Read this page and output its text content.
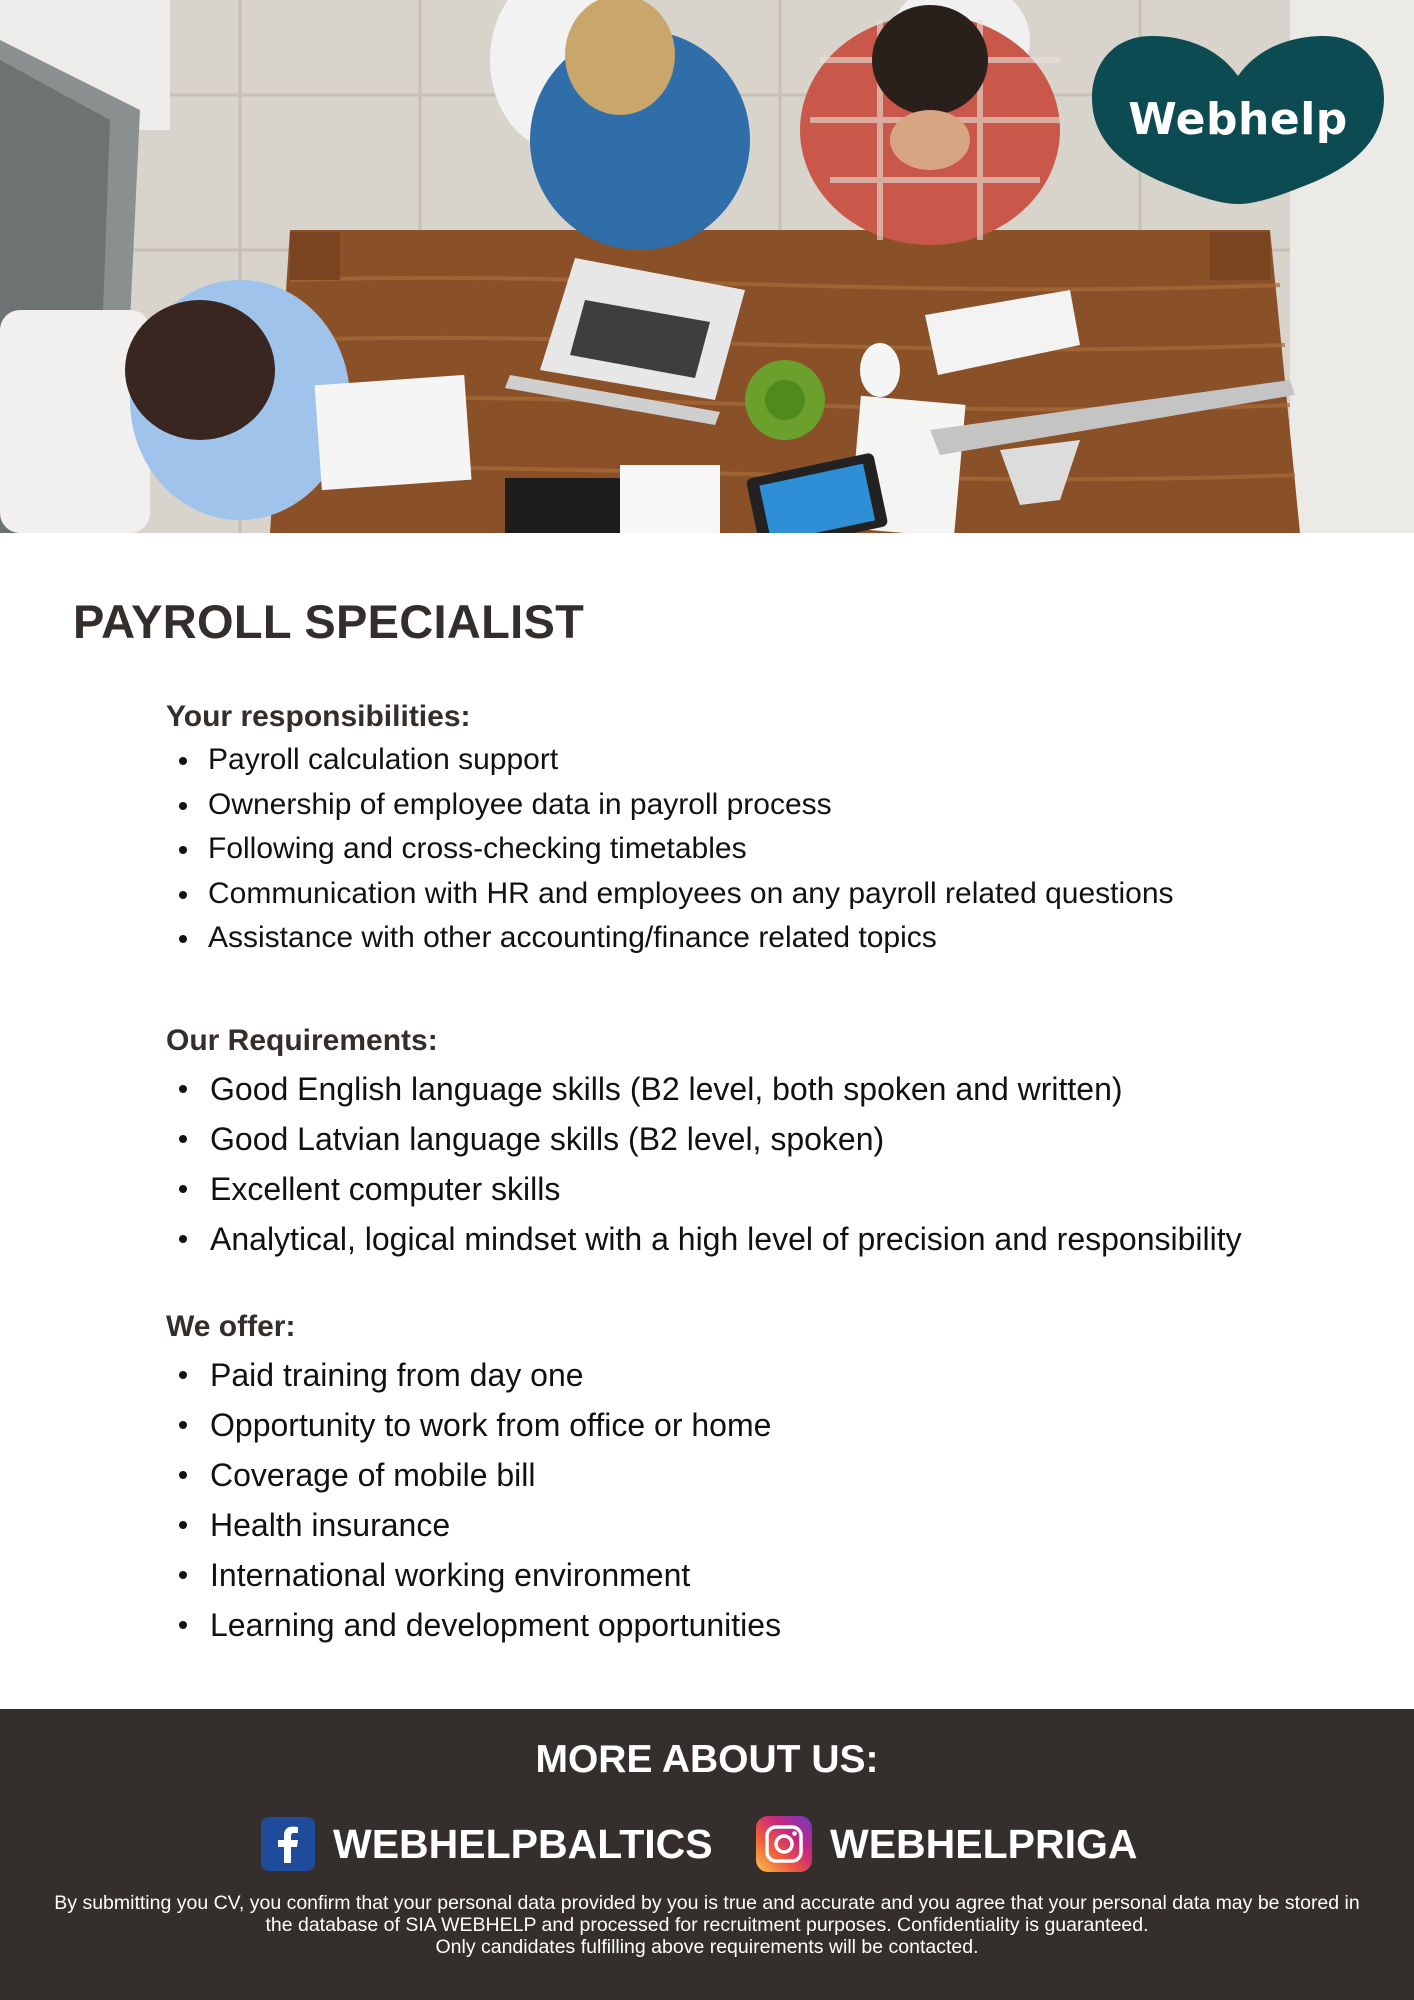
Webhelp
PAYROLL SPECIALIST
Your responsibilities:
Payroll calculation support
Ownership of employee data in payroll process
Following and cross-checking timetables
Communication with HR and employees on any payroll related questions
Assistance with other accounting/finance related topics
Our Requirements:
Good English language skills (B2 level, both spoken and written)
Good Latvian language skills (B2 level, spoken)
Excellent computer skills
Analytical, logical mindset with a high level of precision and responsibility
We offer:
Paid training from day one
Opportunity to work from office or home
Coverage of mobile bill
Health insurance
International working environment
Learning and development opportunities
MORE ABOUT US:
WEBHELPBALTICS	WEBHELPRIGA
By submitting you CV, you confirm that your personal data provided by you is true and accurate and you agree that your personal data may be stored in
the database of SIA WEBHELP and processed for recruitment purposes. Confidentiality is guaranteed.
Only candidates fulfilling above requirements will be contacted.
